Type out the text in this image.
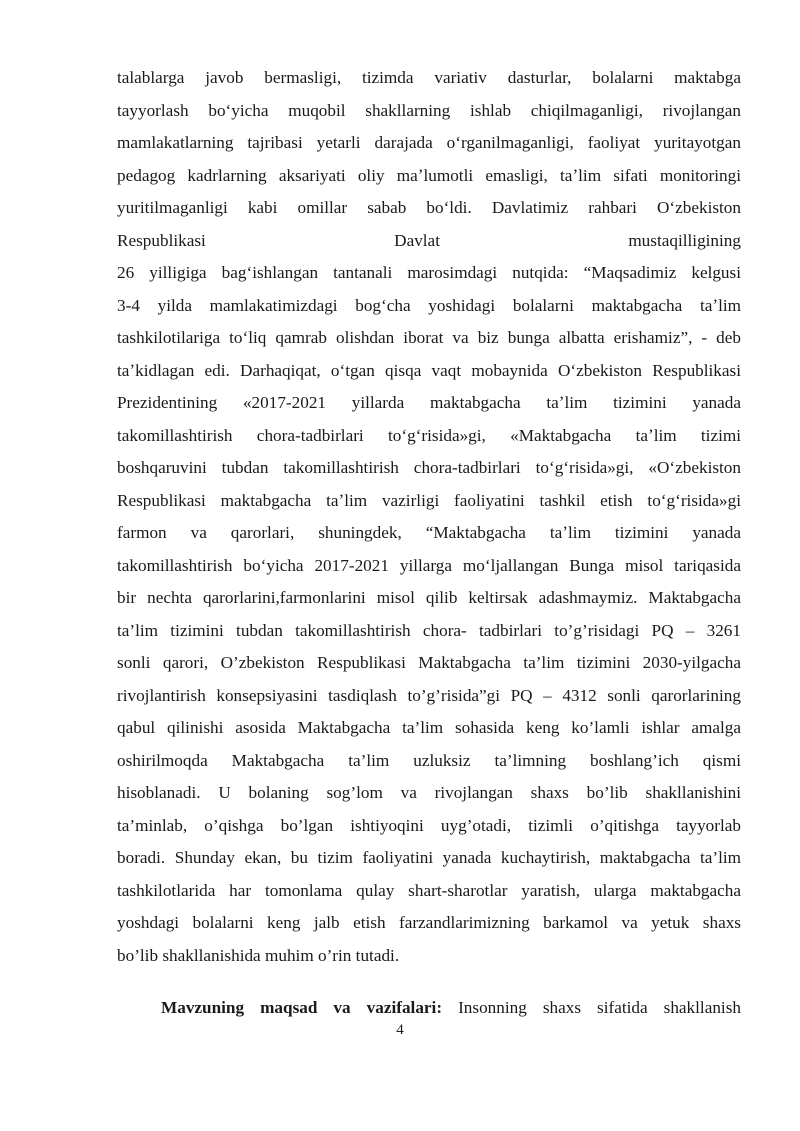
talablarga javob bermasligi, tizimda variativ dasturlar, bolalarni maktabga
tayyorlash boʻyicha muqobil shakllarning ishlab chiqilmaganligi, rivojlangan
mamlakatlarning tajribasi yetarli darajada oʻrganilmaganligi, faoliyat yuritayotgan
pedagog kadrlarning aksariyati oliy maʼlumotli emasligi, taʼlim sifati monitoringi
yuritilmaganligi kabi omillar sabab boʻldi. Davlatimiz rahbari Oʻzbekiston
Respublikasi Davlat mustaqilligining
26 yilligiga bagʻishlangan tantanali marosimdagi nutqida: “Maqsadimiz kelgusi
3-4 yilda mamlakatimizdagi bogʻcha yoshidagi bolalarni maktabgacha taʼlim
tashkilotilariga toʻliq qamrab olishdan iborat va biz bunga albatta erishamiz”, - deb
taʼkidlagan edi. Darhaqiqat, oʻtgan qisqa vaqt mobaynida Oʻzbekiston Respublikasi
Prezidentining «2017-2021 yillarda maktabgacha taʼlim tizimini yanada
takomillashtirish chora-tadbirlari toʻgʻrisida»gi, «Maktabgacha taʼlim tizimi
boshqaruvini tubdan takomillashtirish chora-tadbirlari toʻgʻrisida»gi, «Oʻzbekiston
Respublikasi maktabgacha taʼlim vazirligi faoliyatini tashkil etish toʻgʻrisida»gi
farmon va qarorlari, shuningdek, “Maktabgacha taʼlim tizimini yanada
takomillashtirish boʻyicha 2017-2021 yillarga moʻljallangan Bunga misol tariqasida
bir nechta qarorlarini,farmonlarini misol qilib keltirsak adashmaymiz. Maktabgacha
ta’lim tizimini tubdan takomillashtirish chora- tadbirlari to’g’risidagi PQ – 3261
sonli qarori, O’zbekiston Respublikasi Maktabgacha ta’lim tizimini 2030-yilgacha
rivojlantirish konsepsiyasini tasdiqlash to’g’risida”gi PQ – 4312 sonli qarorlarining
qabul qilinishi asosida Maktabgacha ta’lim sohasida keng ko’lamli ishlar amalga
oshirilmoqda Maktabgacha ta’lim uzluksiz ta’limning boshlang’ich qismi
hisoblanadi. U bolaning sog’lom va rivojlangan shaxs bo’lib shakllanishini
ta’minlab, o’qishga bo’lgan ishtiyoqini uyg’otadi, tizimli o’qitishga tayyorlab
boradi. Shunday ekan, bu tizim faoliyatini yanada kuchaytirish, maktabgacha ta’lim
tashkilotlarida har tomonlama qulay shart-sharotlar yaratish, ularga maktabgacha
yoshdagi bolalarni keng jalb etish farzandlarimizning barkamol va yetuk shaxs
bo’lib shakllanishida muhim o’rin tutadi.
Mavzuning maqsad va vazifalari: Insonning shaxs sifatida shakllanish
4
